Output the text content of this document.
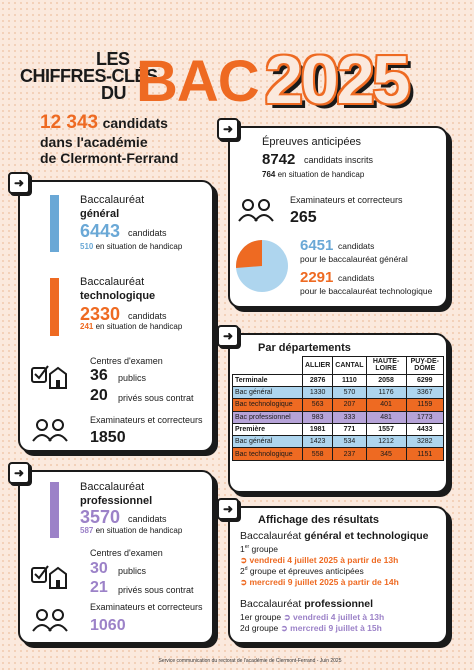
LES
CHIFFRES-CLÉS
DU BAC 2025
12 343 candidats
dans l'académie
de Clermont-Ferrand
➜
Baccalauréat
général
6443 candidats
510 en situation de handicap
Baccalauréat
technologique
2330 candidats
241 en situation de handicap
Centres d'examen
36 publics
20 privés sous contrat
Examinateurs et correcteurs
1850
➜
Épreuves anticipées
8742 candidats inscrits
764 en situation de handicap
Examinateurs et correcteurs
265
6451 candidats
pour le baccalauréat général
2291 candidats
pour le baccalauréat technologique
➜
Par départements
	ALLIER	CANTAL	HAUTE-LOIRE	PUY-DE-DÔME
Terminale	2876	1110	2058	6299
Bac général	1330	570	1176	3367
Bac technologique	563	207	401	1159
Bac professionnel	983	333	481	1773
Première	1981	771	1557	4433
Bac général	1423	534	1212	3282
Bac technologique	558	237	345	1151
➜
Baccalauréat
professionnel
3570 candidats
587 en situation de handicap
Centres d'examen
30 publics
21 privés sous contrat
Examinateurs et correcteurs
1060
➜
Affichage des résultats
Baccalauréat général et technologique
1er groupe
➲ vendredi 4 juillet 2025 à partir de 13h
2$^d$ groupe et épreuves anticipées
➲ mercredi 9 juillet 2025 à partir de 14h
Baccalauréat professionnel
1er groupe ➲ vendredi 4 juillet à 13h
2d groupe ➲ mercredi 9 juillet à 15h
Service communication du rectorat de l'académie de Clermont-Ferrand - Juin 2025
